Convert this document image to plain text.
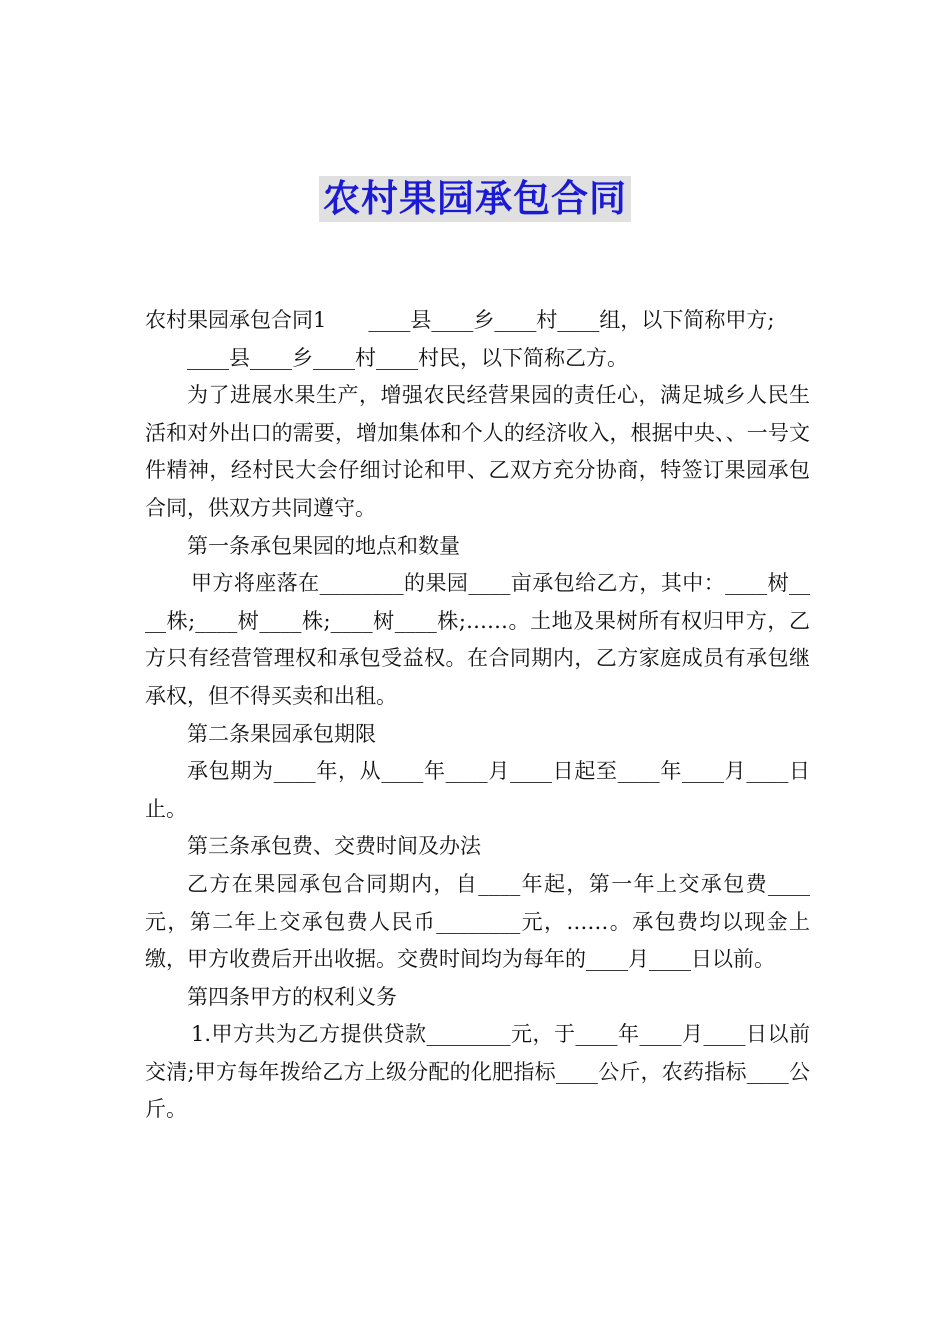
农村果园承包合同

农村果园承包合同1　　____县____乡____村____组，以下简称甲方;

____县____乡____村____村民，以下简称乙方。

为了进展水果生产，增强农民经营果园的责任心，满足城乡人民生活和对外出口的需要，增加集体和个人的经济收入，根据中央、、一号文件精神，经村民大会仔细讨论和甲、乙双方充分协商，特签订果园承包合同，供双方共同遵守。

第一条承包果园的地点和数量

甲方将座落在________的果园____亩承包给乙方，其中：____树____株;____树____株;____树____株;……。土地及果树所有权归甲方，乙方只有经营管理权和承包受益权。在合同期内，乙方家庭成员有承包继承权，但不得买卖和出租。

第二条果园承包期限

承包期为____年，从____年____月____日起至____年____月____日止。

第三条承包费、交费时间及办法

乙方在果园承包合同期内，自____年起，第一年上交承包费____元，第二年上交承包费人民币________元，……。承包费均以现金上缴，甲方收费后开出收据。交费时间均为每年的____月____日以前。

第四条甲方的权利义务

1.甲方共为乙方提供贷款________元，于____年____月____日以前交清;甲方每年拨给乙方上级分配的化肥指标____公斤，农药指标____公斤。
